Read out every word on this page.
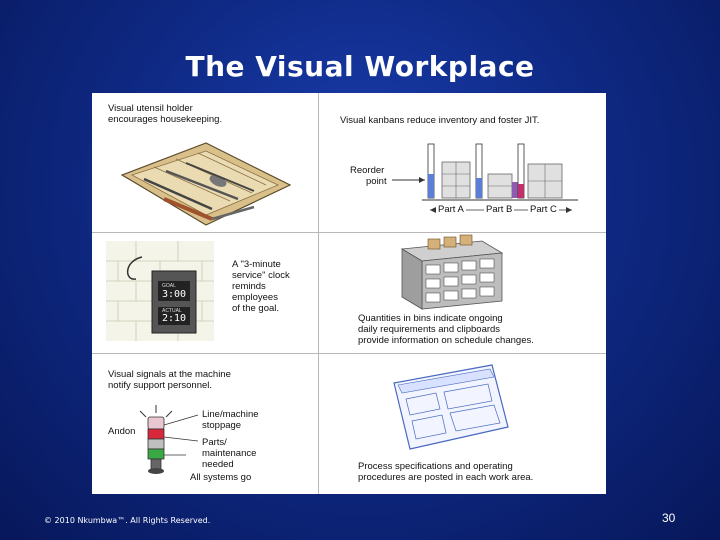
The Visual Workplace
Visual utensil holder
encourages housekeeping.	Visual kanbans reduce inventory and foster JIT.
Reorder
point
Part A Part B Part C
GOAL
3:00
ACTUAL
2:10
A "3-minute
service" clock
reminds
employees
of the goal.
Quantities in bins indicate ongoing
daily requirements and clipboards
provide information on schedule changes.
Visual signals at the machine
notify support personnel.
Andon
Line/machine
stoppage
Parts/
maintenance
needed
All systems go
Process specifications and operating
procedures are posted in each work area.
© 2010 Nkumbwa™. All Rights Reserved.	30
